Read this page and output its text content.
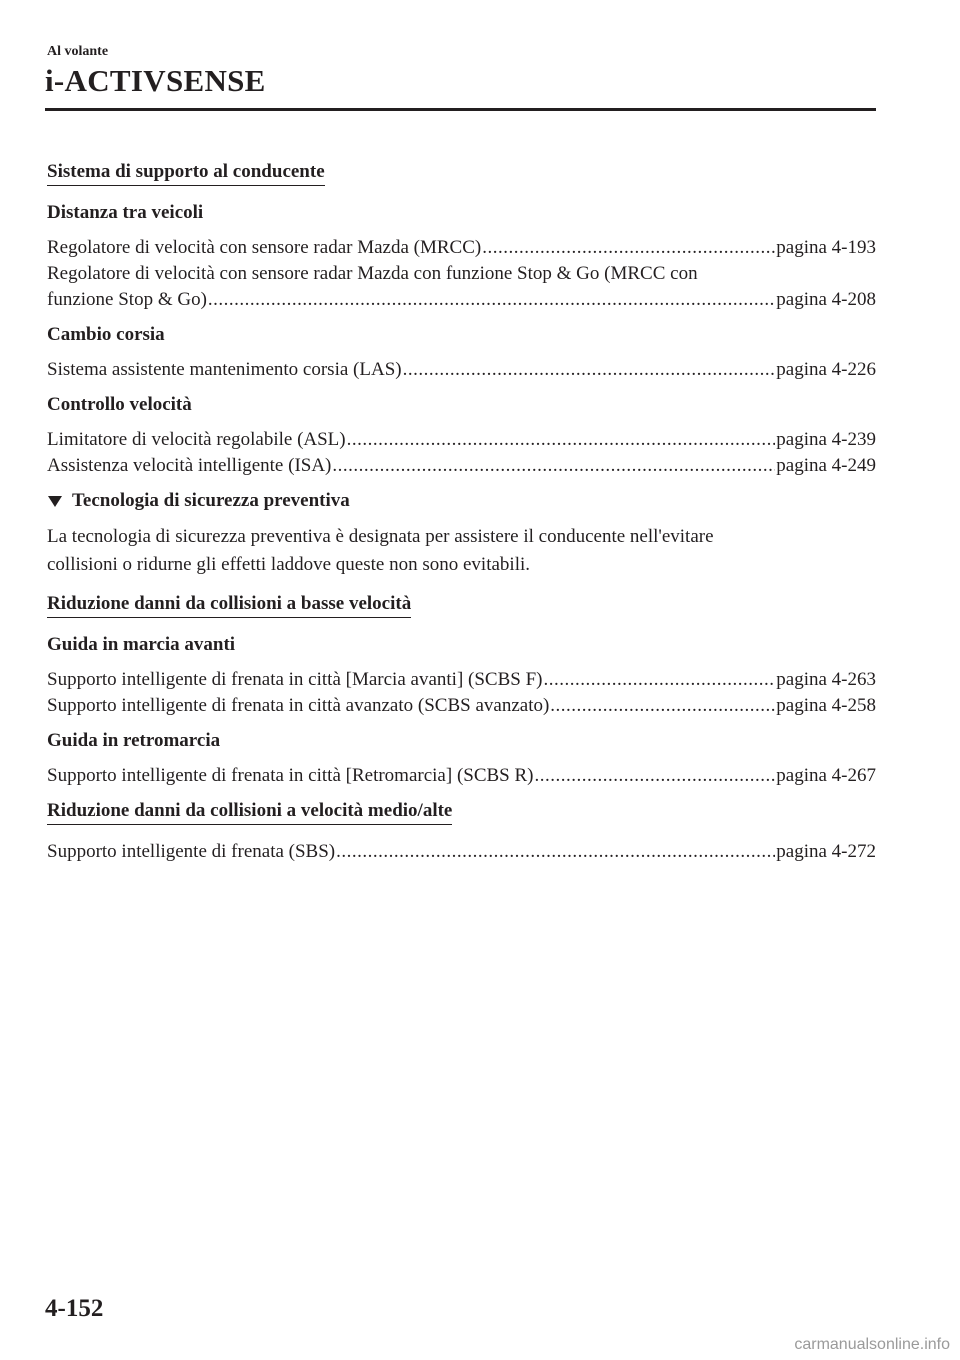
Al volante
i-ACTIVSENSE
Sistema di supporto al conducente
Distanza tra veicoli
Regolatore di velocità con sensore radar Mazda (MRCC) .....	pagina 4-193
Regolatore di velocità con sensore radar Mazda con funzione Stop & Go (MRCC con
funzione Stop & Go) .....	pagina 4-208
Cambio corsia
Sistema assistente mantenimento corsia (LAS) .....	pagina 4-226
Controllo velocità
Limitatore di velocità regolabile (ASL) .....	pagina 4-239
Assistenza velocità intelligente (ISA) .....	pagina 4-249
Tecnologia di sicurezza preventiva
La tecnologia di sicurezza preventiva è designata per assistere il conducente nell'evitare
collisioni o ridurne gli effetti laddove queste non sono evitabili.
Riduzione danni da collisioni a basse velocità
Guida in marcia avanti
Supporto intelligente di frenata in città [Marcia avanti] (SCBS F) .....	pagina 4-263
Supporto intelligente di frenata in città avanzato (SCBS avanzato) .....	pagina 4-258
Guida in retromarcia
Supporto intelligente di frenata in città [Retromarcia] (SCBS R) .....	pagina 4-267
Riduzione danni da collisioni a velocità medio/alte
Supporto intelligente di frenata (SBS) .....	pagina 4-272
4-152
carmanualsonline.info
